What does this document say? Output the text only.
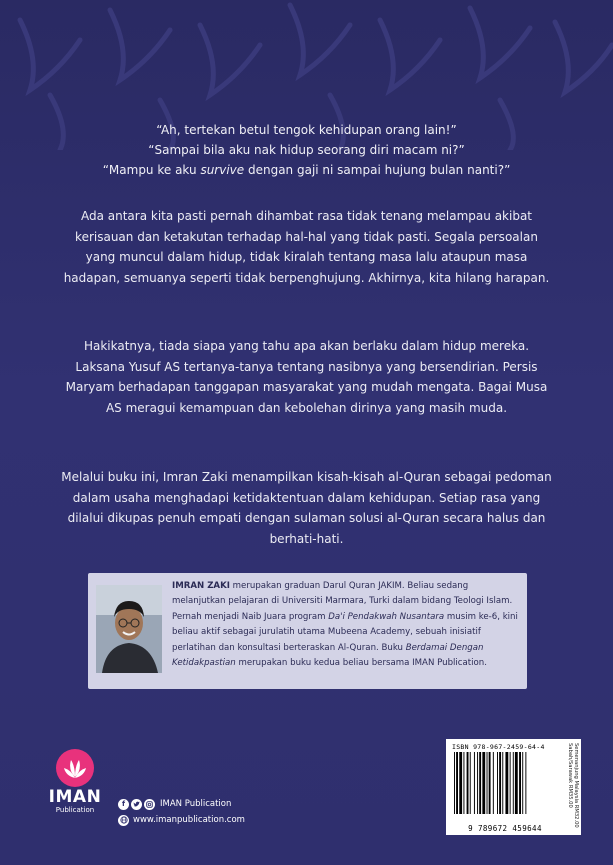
“Ah, tertekan betul tengok kehidupan orang lain!”

“Sampai bila aku nak hidup seorang diri macam ni?”

“Mampu ke aku survive dengan gaji ni sampai hujung bulan nanti?”

Ada antara kita pasti pernah dihambat rasa tidak tenang melampau akibat kerisauan dan ketakutan terhadap hal-hal yang tidak pasti. Segala persoalan yang muncul dalam hidup, tidak kiralah tentang masa lalu ataupun masa hadapan, semuanya seperti tidak berpenghujung. Akhirnya, kita hilang harapan.

Hakikatnya, tiada siapa yang tahu apa akan berlaku dalam hidup mereka. Laksana Yusuf AS tertanya-tanya tentang nasibnya yang bersendirian. Persis Maryam berhadapan tanggapan masyarakat yang mudah mengata. Bagai Musa AS meragui kemampuan dan kebolehan dirinya yang masih muda.

Melalui buku ini, Imran Zaki menampilkan kisah-kisah al-Quran sebagai pedoman dalam usaha menghadapi ketidaktentuan dalam kehidupan. Setiap rasa yang dilalui dikupas penuh empati dengan sulaman solusi al-Quran secara halus dan berhati-hati.

IMRAN ZAKI merupakan graduan Darul Quran JAKIM. Beliau sedang melanjutkan pelajaran di Universiti Marmara, Turki dalam bidang Teologi Islam. Pernah menjadi Naib Juara program Da'i Pendakwah Nusantara musim ke-6, kini beliau aktif sebagai jurulatih utama Mubeena Academy, sebuah inisiatif perlatihan dan konsultasi berteraskan Al-Quran. Buku Berdamai Dengan Ketidakpastian merupakan buku kedua beliau bersama IMAN Publication.

IMAN
Publication
f	IMAN Publication
www.imanpublication.com
ISBN 978-967-2459-64-4
9 789672 459644
Semenanjung Malaysia RM32.00 Sabah/Sarawak RM35.00
